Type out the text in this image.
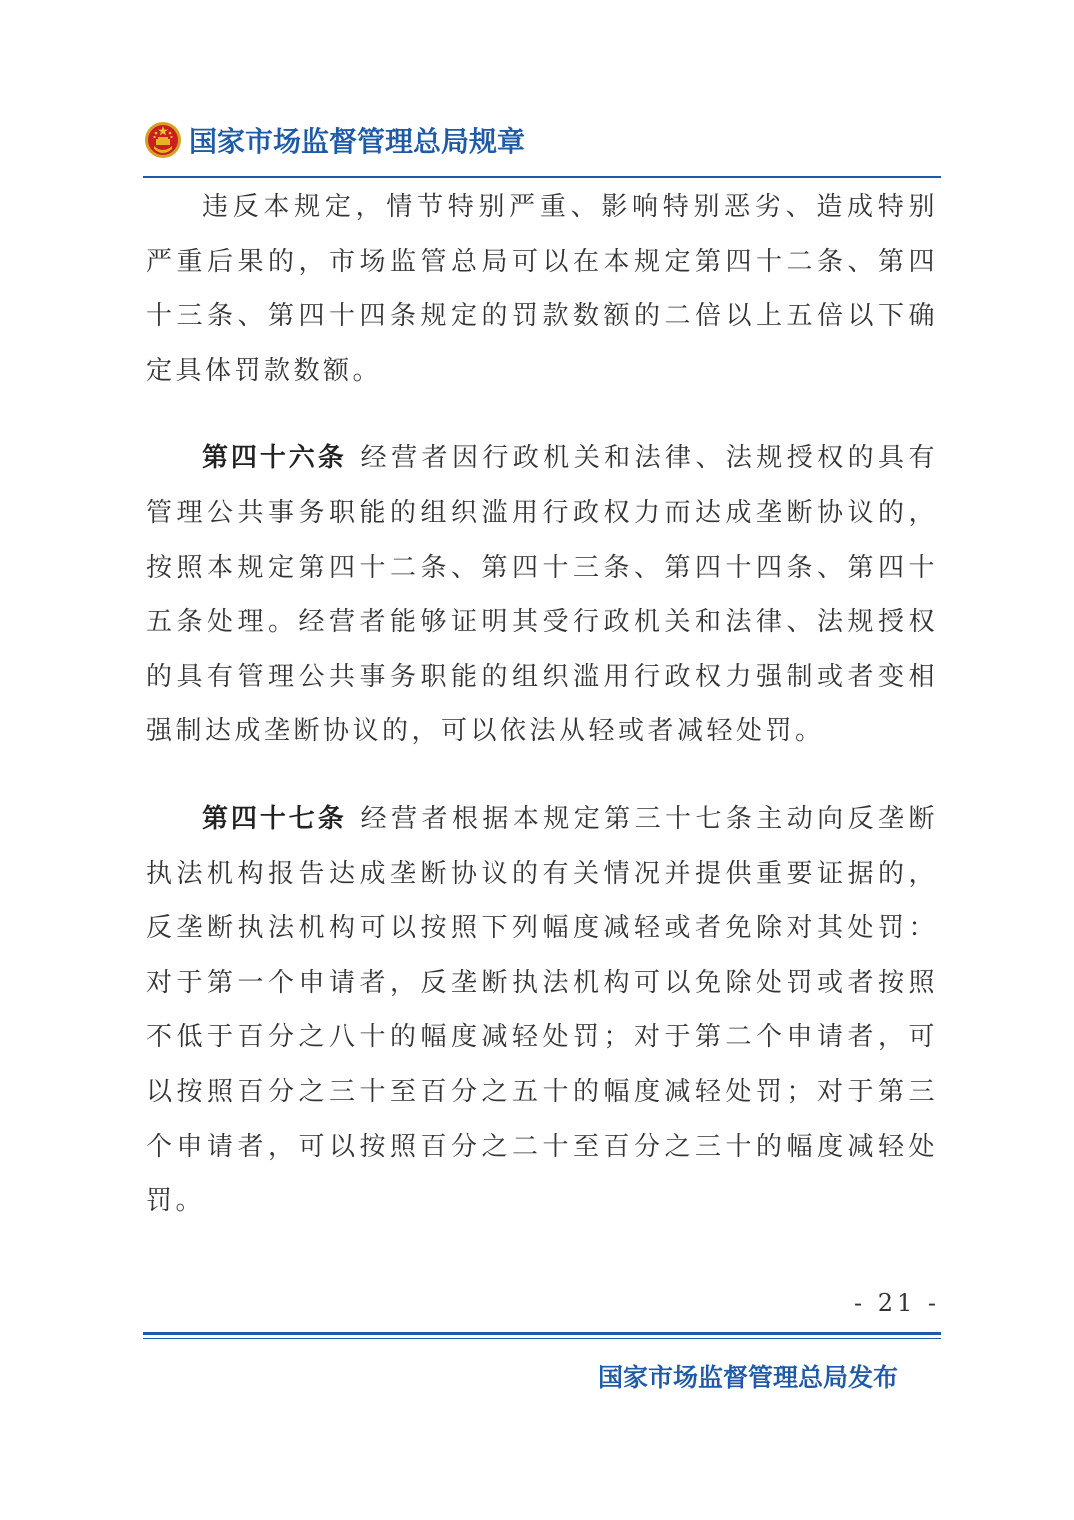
国家市场监督管理总局规章

违反本规定，情节特别严重、影响特别恶劣、造成特别严重后果的，市场监管总局可以在本规定第四十二条、第四十三条、第四十四条规定的罚款数额的二倍以上五倍以下确定具体罚款数额。

第四十六条 经营者因行政机关和法律、法规授权的具有管理公共事务职能的组织滥用行政权力而达成垄断协议的，按照本规定第四十二条、第四十三条、第四十四条、第四十五条处理。经营者能够证明其受行政机关和法律、法规授权的具有管理公共事务职能的组织滥用行政权力强制或者变相强制达成垄断协议的，可以依法从轻或者减轻处罚。

第四十七条 经营者根据本规定第三十七条主动向反垄断执法机构报告达成垄断协议的有关情况并提供重要证据的，反垄断执法机构可以按照下列幅度减轻或者免除对其处罚：对于第一个申请者，反垄断执法机构可以免除处罚或者按照不低于百分之八十的幅度减轻处罚；对于第二个申请者，可以按照百分之三十至百分之五十的幅度减轻处罚；对于第三个申请者，可以按照百分之二十至百分之三十的幅度减轻处罚。

- 21 -
国家市场监督管理总局发布
